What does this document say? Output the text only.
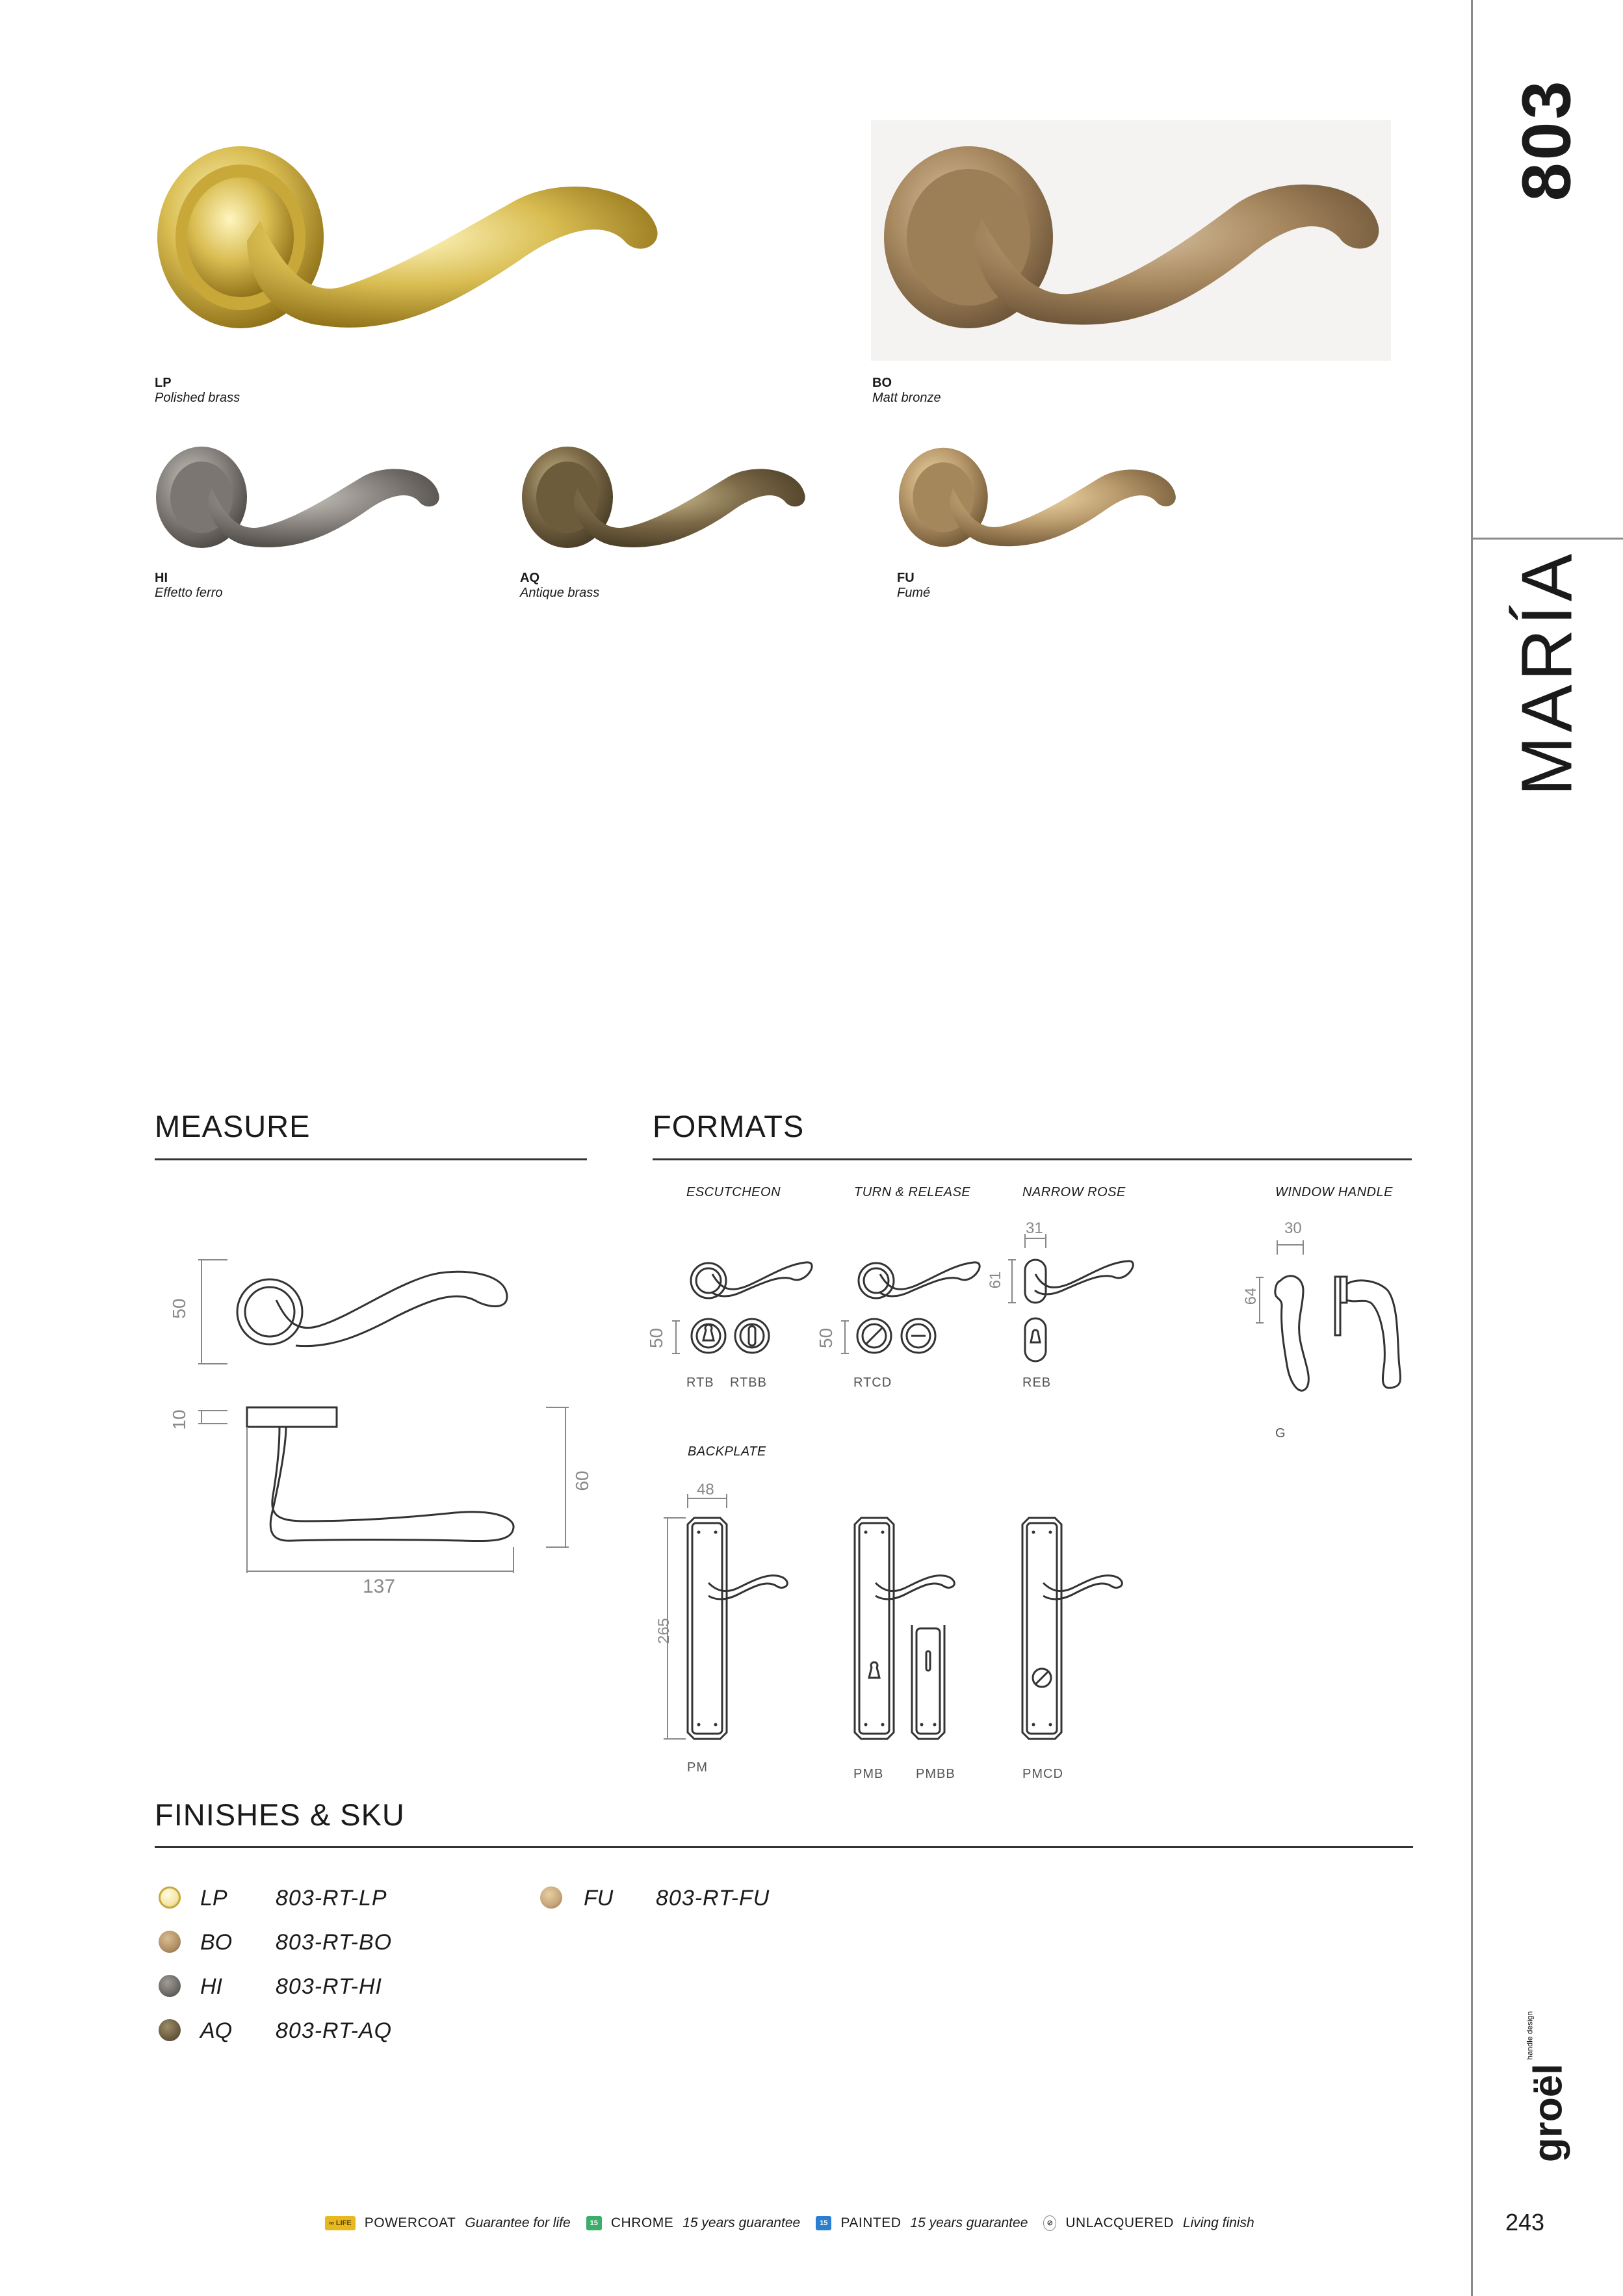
803
MARÍA
groël$^{handle design}$
243
LP
Polished brass
BO
Matt bronze
HI
Effetto ferro
AQ
Antique brass
FU
Fumé
MEASURE
50
10
60
137
FORMATS
ESCUTCHEON	TURN & RELEASE	NARROW ROSE	WINDOW HANDLE
50	50
31
61
30
64
RTB RTBB	RTCD	REB
G
BACKPLATE
48
265
PM	PMB PMBB	PMCD
FINISHES & SKU
LP 803-RT-LP
BO 803-RT-BO
HI 803-RT-HI
AQ 803-RT-AQ
FU 803-RT-FU
∞ LIFE POWERCOAT Guarantee for life	15 CHROME 15 years guarantee	15 PAINTED 15 years guarantee	⊘ UNLACQUERED Living finish
